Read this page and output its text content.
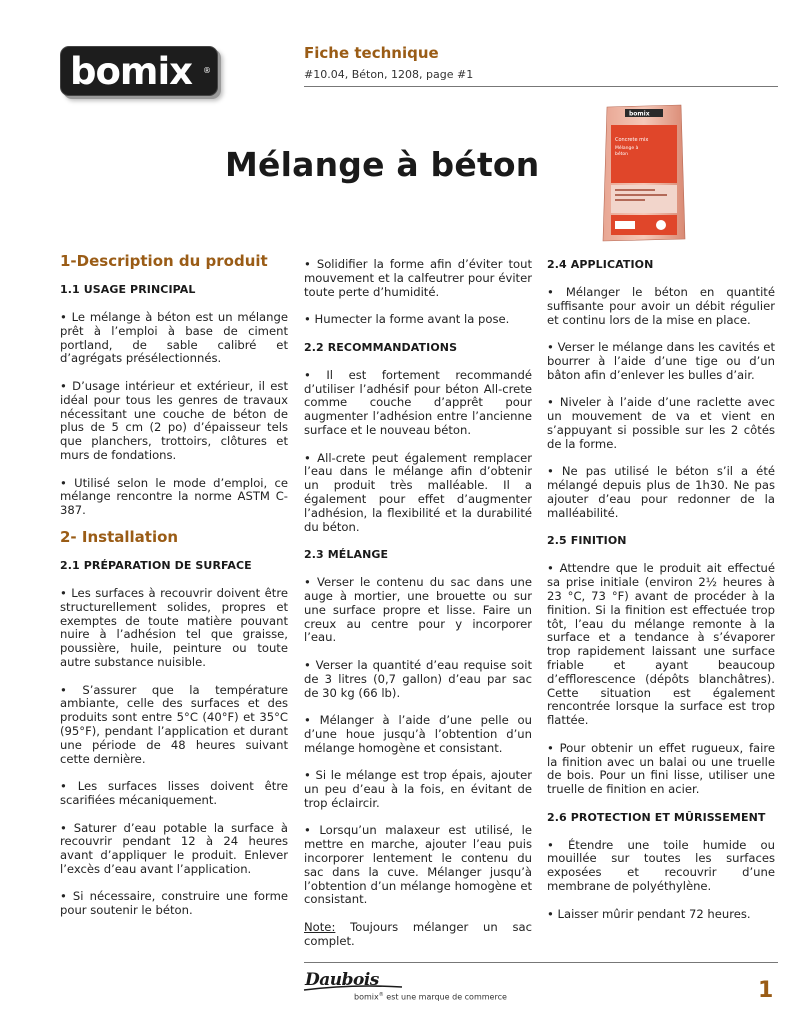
bomix ®
Fiche technique
#10.04, Béton, 1208, page #1
Mélange à béton
bomix
Concrete mix
Mélange à
béton
1-Description du produit
1.1 USAGE PRINCIPAL

• Le mélange à béton est un mélange prêt à l’emploi à base de ciment portland, de sable calibré et d’agrégats présélectionnés.

• D’usage intérieur et extérieur, il est idéal pour tous les genres de travaux nécessitant une couche de béton de plus de 5 cm (2 po) d’épaisseur tels que planchers, trottoirs, clôtures et murs de fondations.

• Utilisé selon le mode d’emploi, ce mélange rencontre la norme ASTM C-387.

2- Installation
2.1 PRÉPARATION DE SURFACE

• Les surfaces à recouvrir doivent être structurellement solides, propres et exemptes de toute matière pouvant nuire à l’adhésion tel que graisse, poussière, huile, peinture ou toute autre substance nuisible.

• S’assurer que la température ambiante, celle des surfaces et des produits sont entre 5°C (40°F) et 35°C (95°F), pendant l’application et durant une période de 48 heures suivant cette dernière.

• Les surfaces lisses doivent être scarifiées mécaniquement.

• Saturer d’eau potable la surface à recouvrir pendant 12 à 24 heures avant d’appliquer le produit. Enlever l’excès d’eau avant l’application.

• Si nécessaire, construire une forme pour soutenir le béton.

• Solidifier la forme afin d’éviter tout mouvement et la calfeutrer pour éviter toute perte d’humidité.

• Humecter la forme avant la pose.

2.2 RECOMMANDATIONS

• Il est fortement recommandé d’utiliser l’adhésif pour béton All-crete comme couche d’apprêt pour augmenter l’adhésion entre l’ancienne surface et le nouveau béton.

• All-crete peut également remplacer l’eau dans le mélange afin d’obtenir un produit très malléable. Il a également pour effet d’augmenter l’adhésion, la flexibilité et la durabilité du béton.

2.3 MÉLANGE

• Verser le contenu du sac dans une auge à mortier, une brouette ou sur une surface propre et lisse. Faire un creux au centre pour y incorporer l’eau.

• Verser la quantité d’eau requise soit de 3 litres (0,7 gallon) d’eau par sac de 30 kg (66 lb).

• Mélanger à l’aide d’une pelle ou d’une houe jusqu’à l’obtention d’un mélange homogène et consistant.

• Si le mélange est trop épais, ajouter un peu d’eau à la fois, en évitant de trop éclaircir.

• Lorsqu’un malaxeur est utilisé, le mettre en marche, ajouter l’eau puis incorporer lentement le contenu du sac dans la cuve. Mélanger jusqu’à l’obtention d’un mélange homogène et consistant.

Note: Toujours mélanger un sac complet.

2.4 APPLICATION

• Mélanger le béton en quantité suffisante pour avoir un débit régulier et continu lors de la mise en place.

• Verser le mélange dans les cavités et bourrer à l’aide d’une tige ou d’un bâton afin d’enlever les bulles d’air.

• Niveler à l’aide d’une raclette avec un mouvement de va et vient en s’appuyant si possible sur les 2 côtés de la forme.

• Ne pas utilisé le béton s’il a été mélangé depuis plus de 1h30. Ne pas ajouter d’eau pour redonner de la malléabilité.

2.5 FINITION

• Attendre que le produit ait effectué sa prise initiale (environ 2½ heures à 23 °C, 73 °F) avant de procéder à la finition. Si la finition est effectuée trop tôt, l’eau du mélange remonte à la surface et a tendance à s’évaporer trop rapidement laissant une surface friable et ayant beaucoup d’efflorescence (dépôts blanchâtres). Cette situation est également rencontrée lorsque la surface est trop flattée.

• Pour obtenir un effet rugueux, faire la finition avec un balai ou une truelle de bois. Pour un fini lisse, utiliser une truelle de finition en acier.

2.6 PROTECTION ET MÛRISSEMENT

• Étendre une toile humide ou mouillée sur toutes les surfaces exposées et recouvrir d’une membrane de polyéthylène.

• Laisser mûrir pendant 72 heures.

Daubois
bomix® est une marque de commerce	1
